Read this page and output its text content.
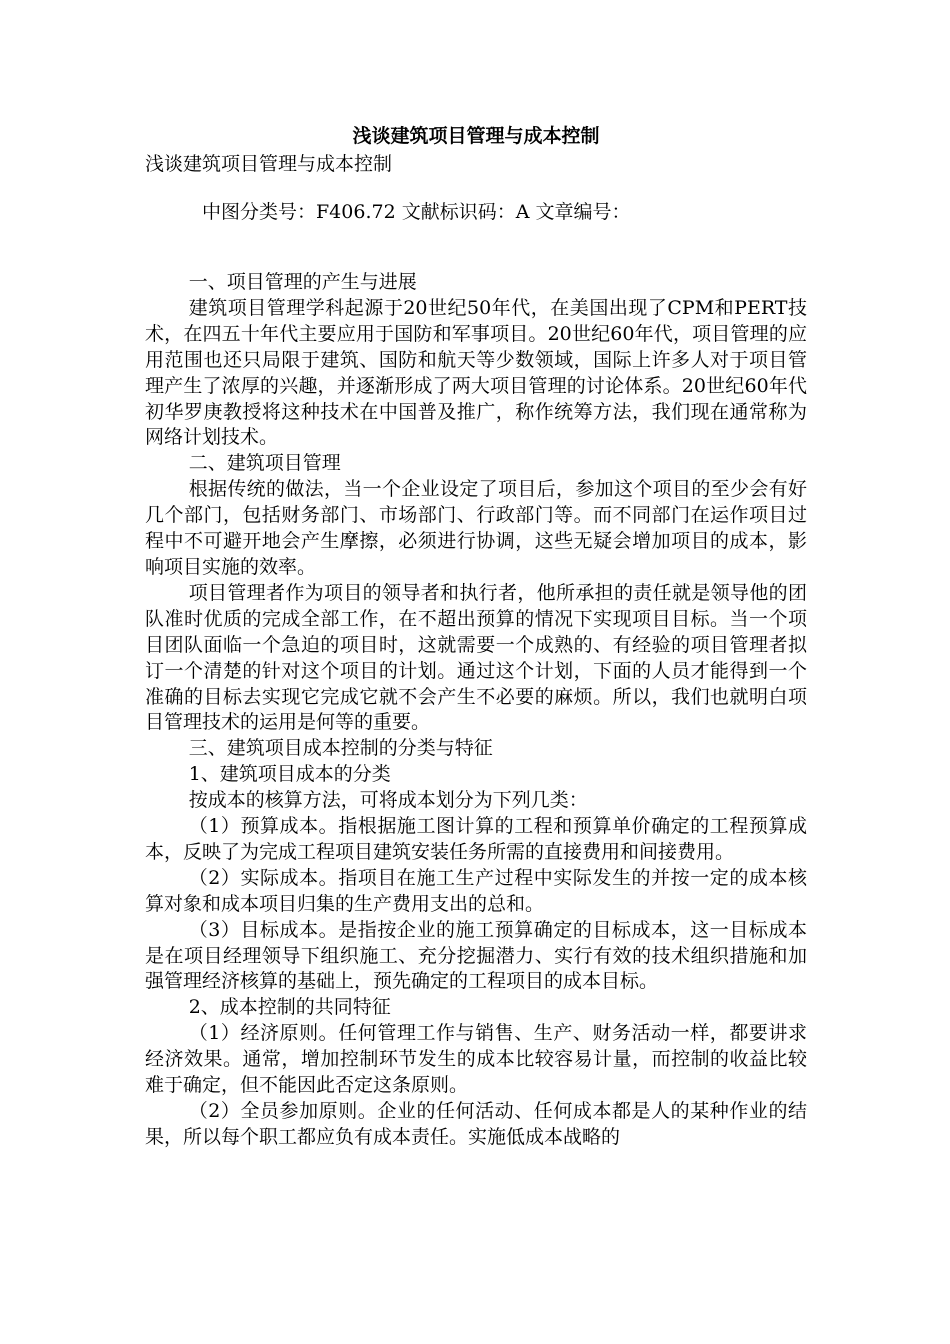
浅谈建筑项目管理与成本控制

浅谈建筑项目管理与成本控制

中图分类号：F406.72 文献标识码：A 文章编号：

一、项目管理的产生与进展

建筑项目管理学科起源于20世纪50年代，在美国出现了CPM和PERT技术，在四五十年代主要应用于国防和军事项目。20世纪60年代，项目管理的应用范围也还只局限于建筑、国防和航天等少数领域，国际上许多人对于项目管理产生了浓厚的兴趣，并逐渐形成了两大项目管理的讨论体系。20世纪60年代初华罗庚教授将这种技术在中国普及推广，称作统筹方法，我们现在通常称为网络计划技术。

二、建筑项目管理

根据传统的做法，当一个企业设定了项目后，参加这个项目的至少会有好几个部门，包括财务部门、市场部门、行政部门等。而不同部门在运作项目过程中不可避开地会产生摩擦，必须进行协调，这些无疑会增加项目的成本，影响项目实施的效率。

项目管理者作为项目的领导者和执行者，他所承担的责任就是领导他的团队准时优质的完成全部工作，在不超出预算的情况下实现项目目标。当一个项目团队面临一个急迫的项目时，这就需要一个成熟的、有经验的项目管理者拟订一个清楚的针对这个项目的计划。通过这个计划，下面的人员才能得到一个准确的目标去实现它完成它就不会产生不必要的麻烦。所以，我们也就明白项目管理技术的运用是何等的重要。

三、建筑项目成本控制的分类与特征

1、建筑项目成本的分类

按成本的核算方法，可将成本划分为下列几类：

（1）预算成本。指根据施工图计算的工程和预算单价确定的工程预算成本，反映了为完成工程项目建筑安装任务所需的直接费用和间接费用。

（2）实际成本。指项目在施工生产过程中实际发生的并按一定的成本核算对象和成本项目归集的生产费用支出的总和。

（3）目标成本。是指按企业的施工预算确定的目标成本，这一目标成本是在项目经理领导下组织施工、充分挖掘潜力、实行有效的技术组织措施和加强管理经济核算的基础上，预先确定的工程项目的成本目标。

2、成本控制的共同特征

（1）经济原则。任何管理工作与销售、生产、财务活动一样，都要讲求经济效果。通常，增加控制环节发生的成本比较容易计量，而控制的收益比较难于确定，但不能因此否定这条原则。

（2）全员参加原则。企业的任何活动、任何成本都是人的某种作业的结果，所以每个职工都应负有成本责任。实施低成本战略的
